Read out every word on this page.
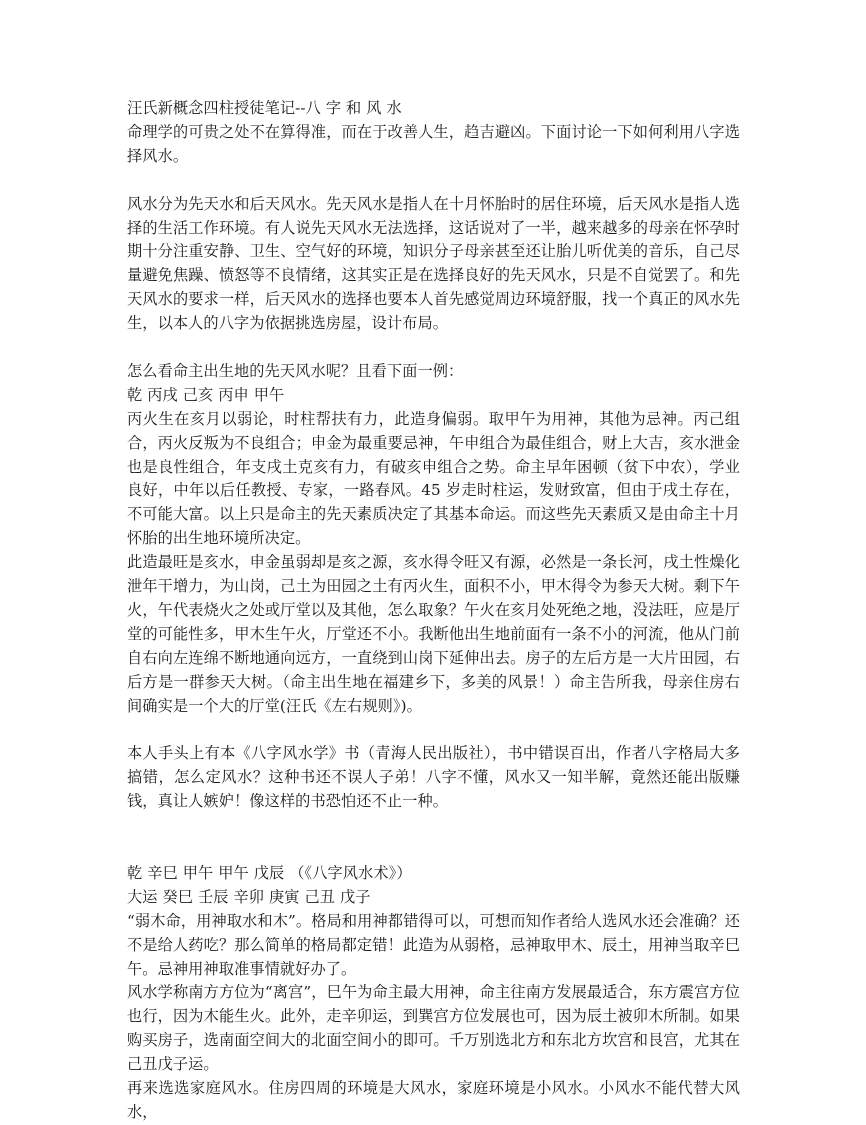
汪氏新概念四柱授徒笔记--八 字 和 风 水

命理学的可贵之处不在算得准，而在于改善人生，趋吉避凶。下面讨论一下如何利用八字选择风水。

风水分为先天水和后天风水。先天风水是指人在十月怀胎时的居住环境，后天风水是指人选择的生活工作环境。有人说先天风水无法选择，这话说对了一半，越来越多的母亲在怀孕时期十分注重安静、卫生、空气好的环境，知识分子母亲甚至还让胎儿听优美的音乐，自己尽量避免焦躁、愤怒等不良情绪，这其实正是在选择良好的先天风水，只是不自觉罢了。和先天风水的要求一样，后天风水的选择也要本人首先感觉周边环境舒服，找一个真正的风水先生，以本人的八字为依据挑选房屋，设计布局。

怎么看命主出生地的先天风水呢？且看下面一例：

乾 丙戌 己亥 丙申 甲午

丙火生在亥月以弱论，时柱帮扶有力，此造身偏弱。取甲午为用神，其他为忌神。丙己组合，丙火反叛为不良组合；申金为最重要忌神，午申组合为最佳组合，财上大吉，亥水泄金也是良性组合，年支戌土克亥有力，有破亥申组合之势。命主早年困顿（贫下中农），学业良好，中年以后任教授、专家，一路春风。45 岁走时柱运，发财致富，但由于戌土存在，不可能大富。以上只是命主的先天素质决定了其基本命运。而这些先天素质又是由命主十月怀胎的出生地环境所决定。

此造最旺是亥水，申金虽弱却是亥之源，亥水得令旺又有源，必然是一条长河，戌土性燥化泄年干增力，为山岗，己土为田园之土有丙火生，面积不小，甲木得令为参天大树。剩下午火，午代表烧火之处或厅堂以及其他，怎么取象？午火在亥月处死绝之地，没法旺，应是厅堂的可能性多，甲木生午火，厅堂还不小。我断他出生地前面有一条不小的河流，他从门前自右向左连绵不断地通向远方，一直绕到山岗下延伸出去。房子的左后方是一大片田园，右后方是一群参天大树。（命主出生地在福建乡下，多美的风景！）命主告所我，母亲住房右间确实是一个大的厅堂(汪氏《左右规则》)。

本人手头上有本《八字风水学》书（青海人民出版社），书中错误百出，作者八字格局大多搞错，怎么定风水？这种书还不误人子弟！八字不懂，风水又一知半解，竟然还能出版赚钱，真让人嫉妒！像这样的书恐怕还不止一种。

乾 辛巳 甲午 甲午 戊辰 （《八字风水术》）

大运 癸巳 壬辰 辛卯 庚寅 己丑 戊子

“弱木命，用神取水和木”。格局和用神都错得可以，可想而知作者给人选风水还会准确？还不是给人药吃？那么简单的格局都定错！此造为从弱格，忌神取甲木、辰土，用神当取辛巳午。忌神用神取准事情就好办了。

风水学称南方方位为“离宫”，巳午为命主最大用神，命主往南方发展最适合，东方震宫方位也行，因为木能生火。此外，走辛卯运，到巽宫方位发展也可，因为辰土被卯木所制。如果购买房子，选南面空间大的北面空间小的即可。千万别选北方和东北方坎宫和艮宫，尤其在己丑戊子运。

再来选选家庭风水。住房四周的环境是大风水，家庭环境是小风水。小风水不能代替大风水，
